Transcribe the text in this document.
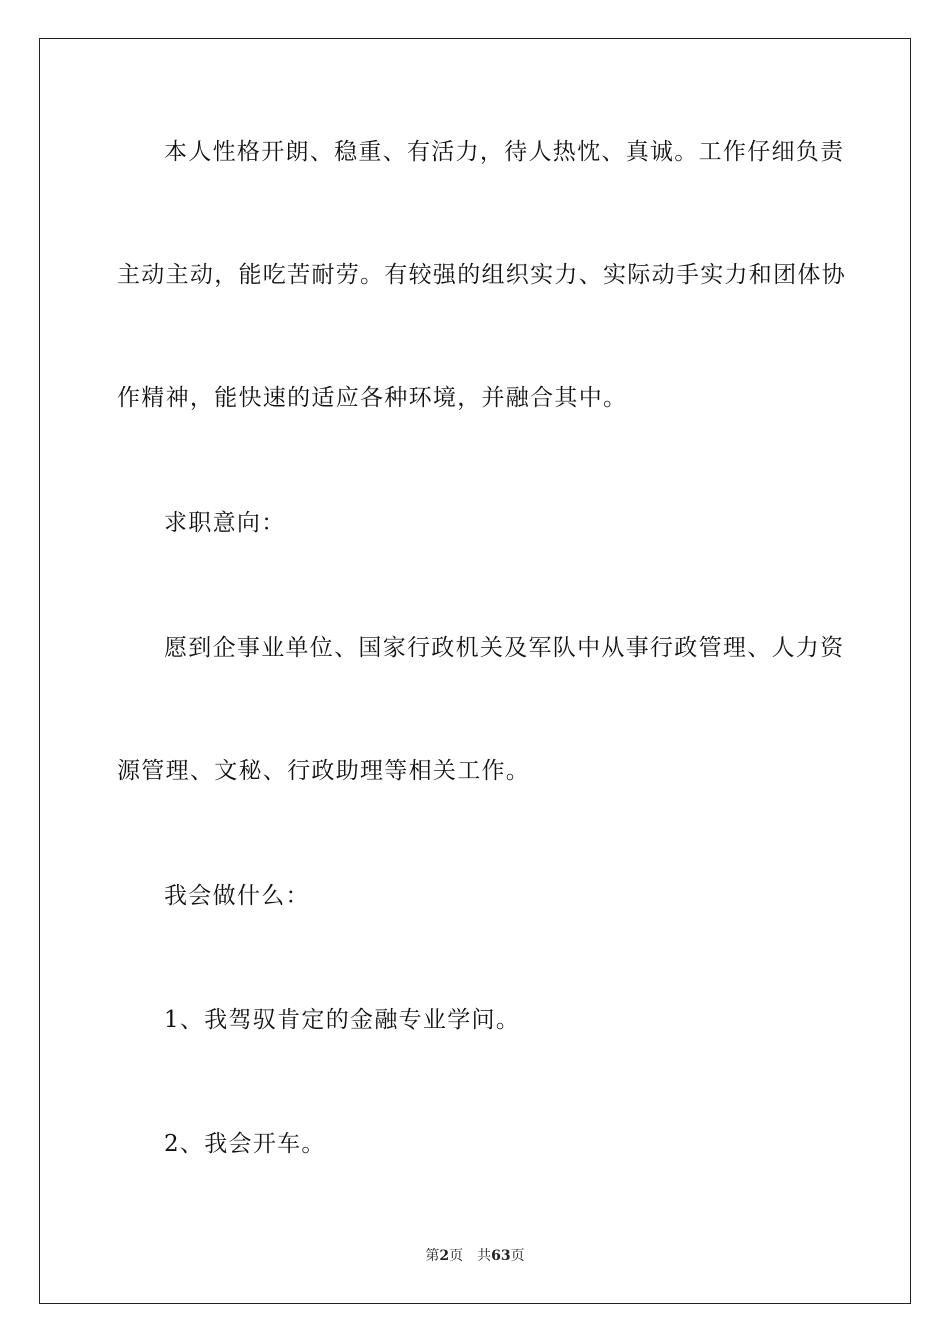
本人性格开朗、稳重、有活力，待人热忱、真诚。工作仔细负责
主动主动，能吃苦耐劳。有较强的组织实力、实际动手实力和团体协
作精神，能快速的适应各种环境，并融合其中。
求职意向：
愿到企事业单位、国家行政机关及军队中从事行政管理、人力资
源管理、文秘、行政助理等相关工作。
我会做什么：
1、我驾驭肯定的金融专业学问。
2、我会开车。
第2页 共63页
